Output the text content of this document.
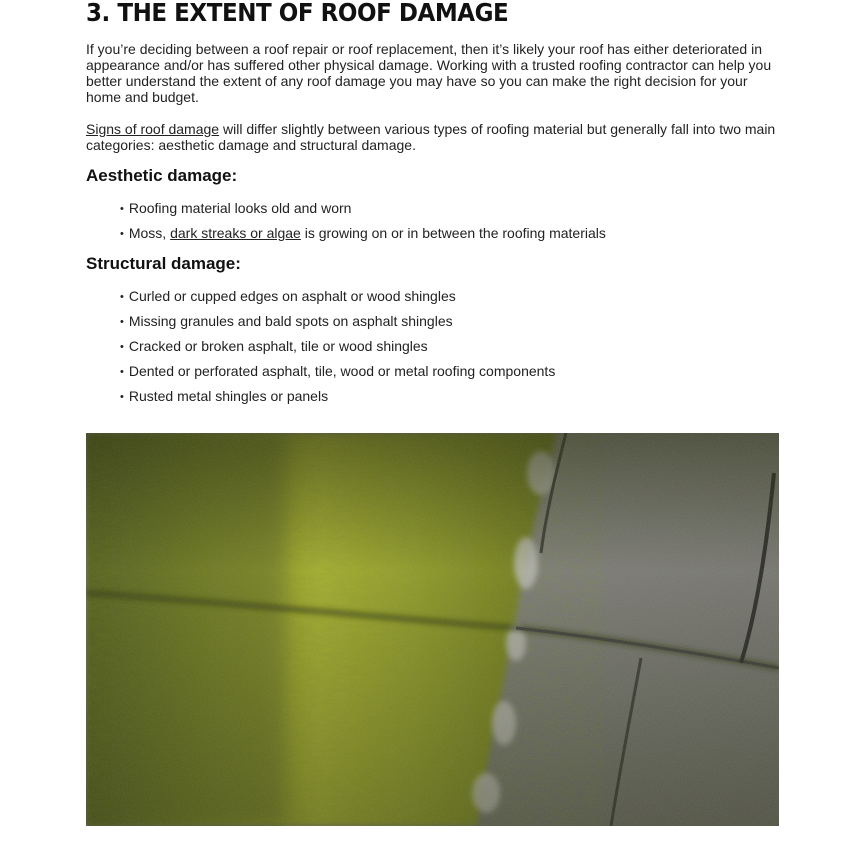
3. THE EXTENT OF ROOF DAMAGE

If you’re deciding between a roof repair or roof replacement, then it’s likely your roof has either deteriorated in appearance and/or has suffered other physical damage. Working with a trusted roofing contractor can help you better understand the extent of any roof damage you may have so you can make the right decision for your home and budget.

Signs of roof damage will differ slightly between various types of roofing material but generally fall into two main categories: aesthetic damage and structural damage.

Aesthetic damage:
• Roofing material looks old and worn
• Moss, dark streaks or algae is growing on or in between the roofing materials
Structural damage:
• Curled or cupped edges on asphalt or wood shingles
• Missing granules and bald spots on asphalt shingles
• Cracked or broken asphalt, tile or wood shingles
• Dented or perforated asphalt, tile, wood or metal roofing components
• Rusted metal shingles or panels
